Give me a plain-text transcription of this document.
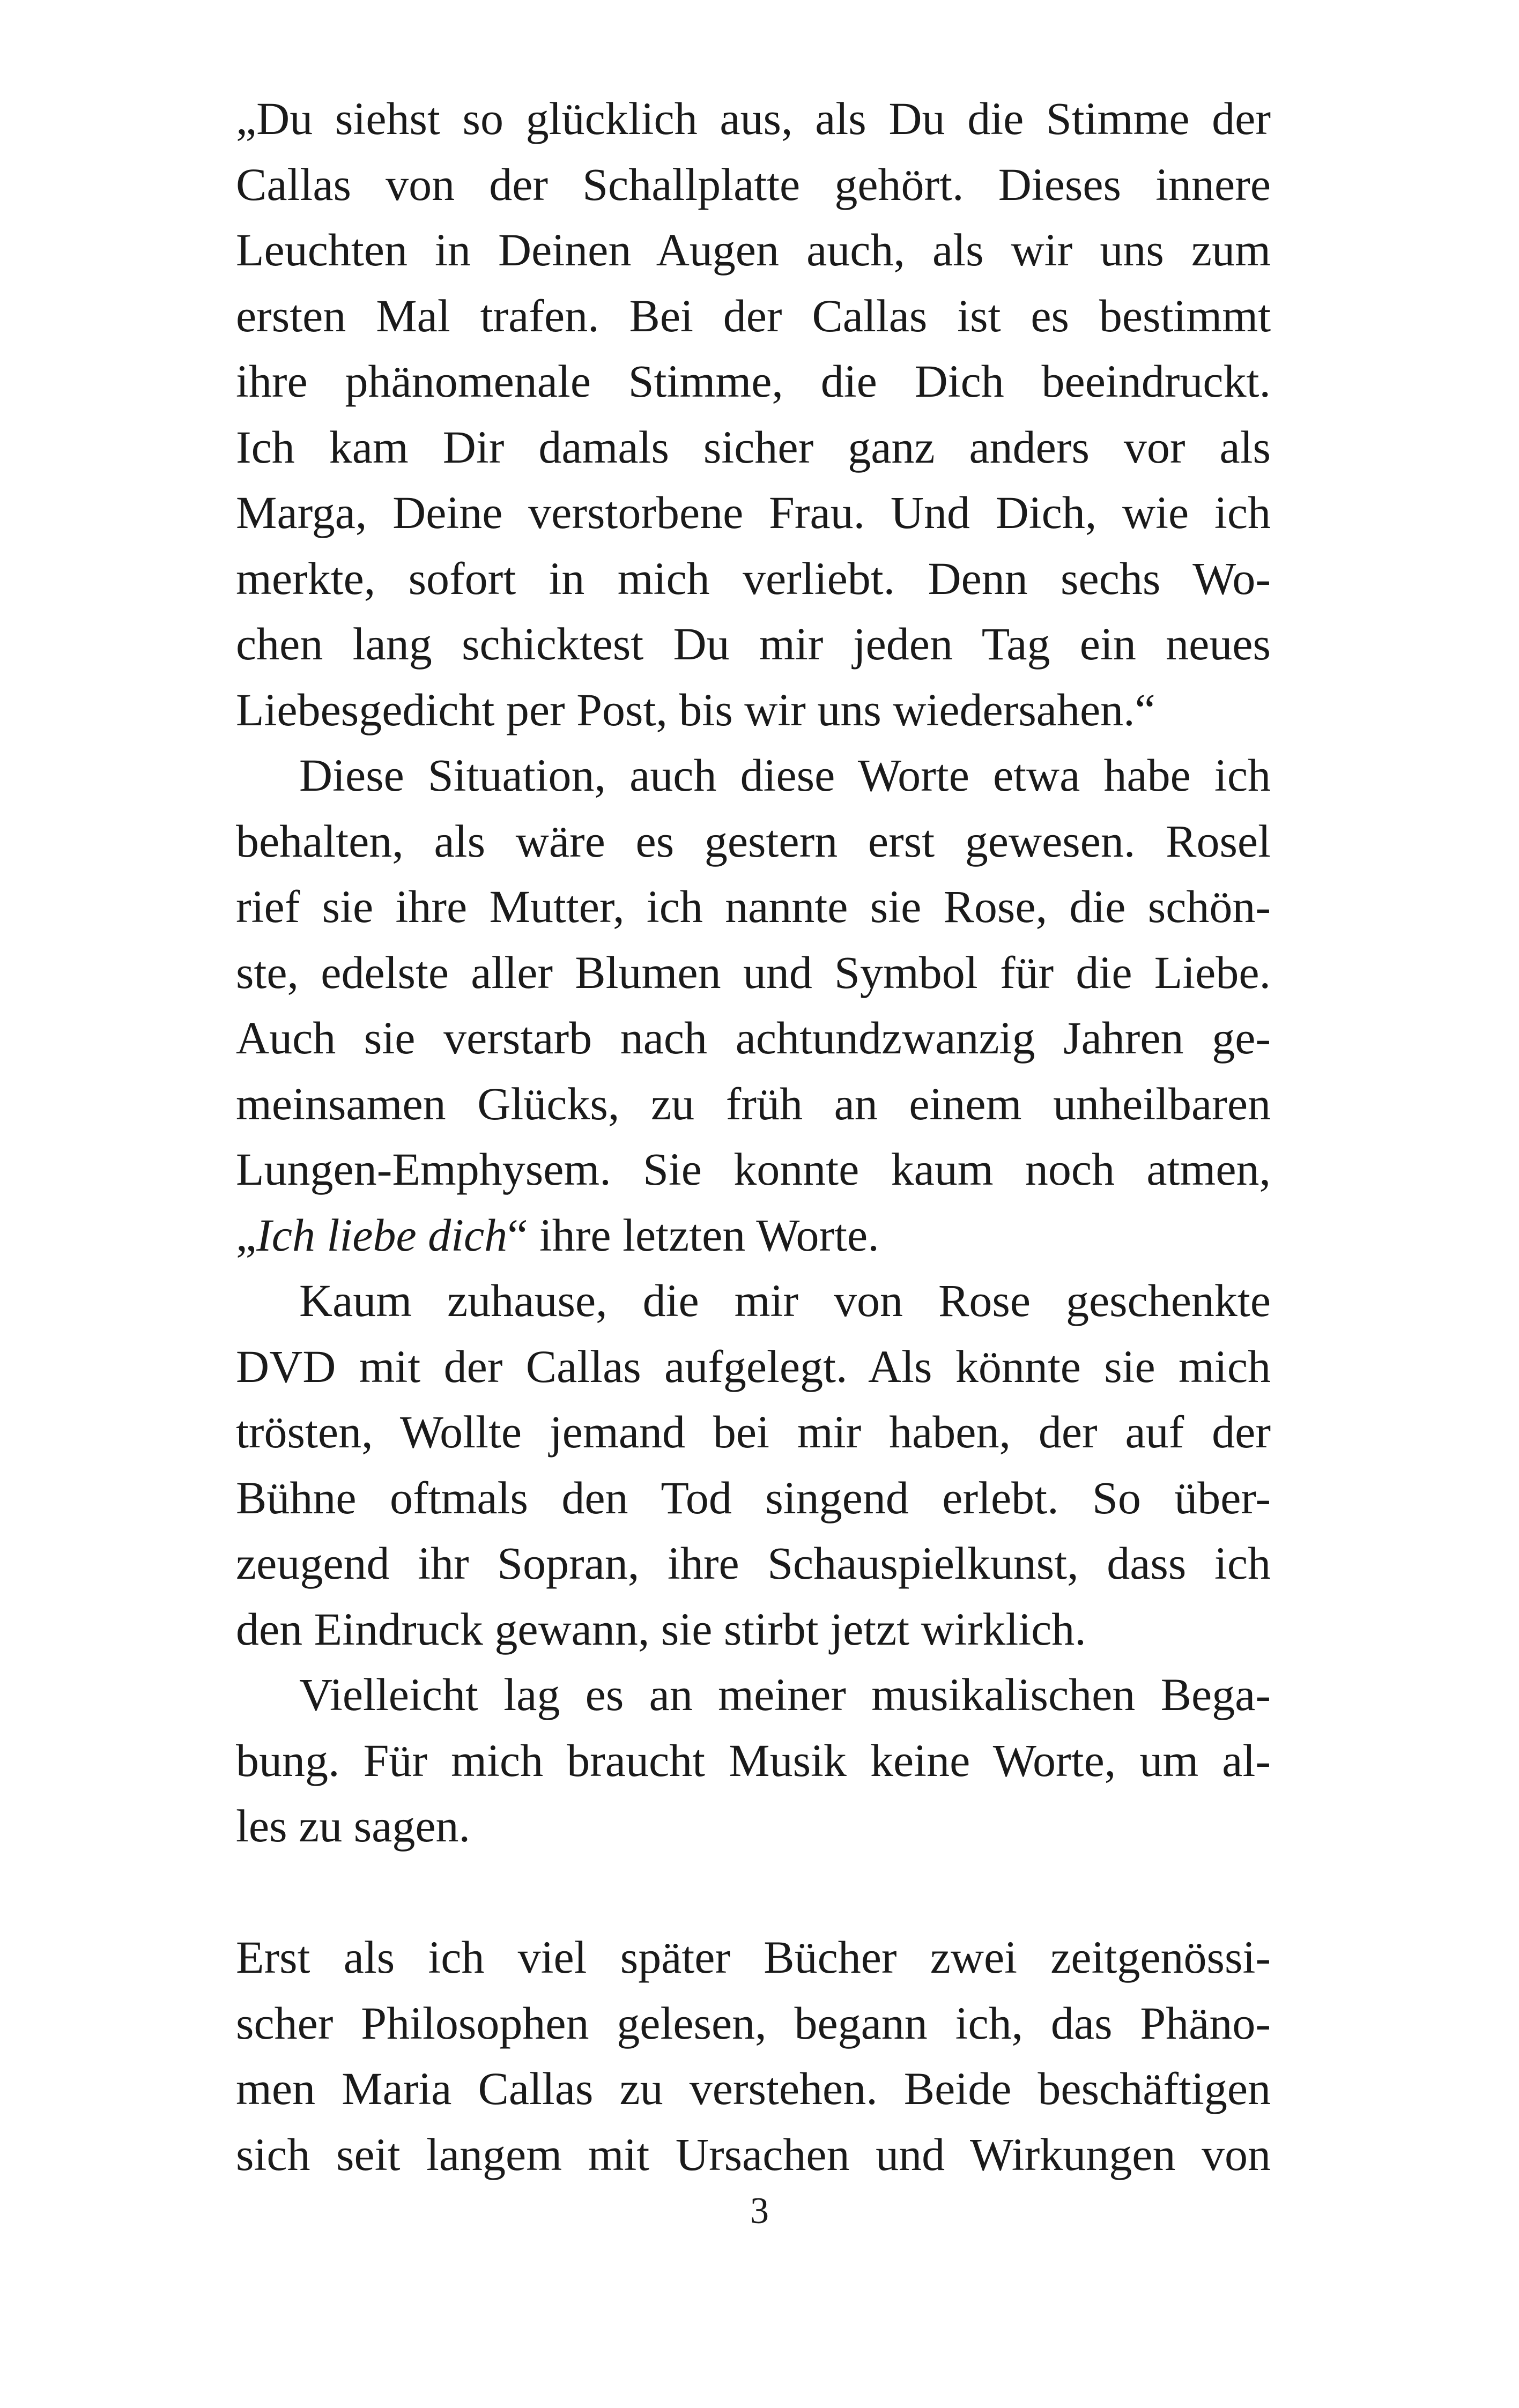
„Du siehst so glücklich aus, als Du die Stimme der
Callas von der Schallplatte gehört. Dieses innere
Leuchten in Deinen Augen auch, als wir uns zum
ersten Mal trafen. Bei der Callas ist es bestimmt
ihre phänomenale Stimme, die Dich beeindruckt.
Ich kam Dir damals sicher ganz anders vor als
Marga, Deine verstorbene Frau. Und Dich, wie ich
merkte, sofort in mich verliebt. Denn sechs Wo-
chen lang schicktest Du mir jeden Tag ein neues
Liebesgedicht per Post, bis wir uns wiedersahen.“
Diese Situation, auch diese Worte etwa habe ich
behalten, als wäre es gestern erst gewesen. Rosel
rief sie ihre Mutter, ich nannte sie Rose, die schön-
ste, edelste aller Blumen und Symbol für die Liebe.
Auch sie verstarb nach achtundzwanzig Jahren ge-
meinsamen Glücks, zu früh an einem unheilbaren
Lungen-Emphysem. Sie konnte kaum noch atmen,
„Ich liebe dich“ ihre letzten Worte.
Kaum zuhause, die mir von Rose geschenkte
DVD mit der Callas aufgelegt. Als könnte sie mich
trösten, Wollte jemand bei mir haben, der auf der
Bühne oftmals den Tod singend erlebt. So über-
zeugend ihr Sopran, ihre Schauspielkunst, dass ich
den Eindruck gewann, sie stirbt jetzt wirklich.
Vielleicht lag es an meiner musikalischen Bega-
bung. Für mich braucht Musik keine Worte, um al-
les zu sagen.
Erst als ich viel später Bücher zwei zeitgenössi-
scher Philosophen gelesen, begann ich, das Phäno-
men Maria Callas zu verstehen. Beide beschäftigen
sich seit langem mit Ursachen und Wirkungen von
3
